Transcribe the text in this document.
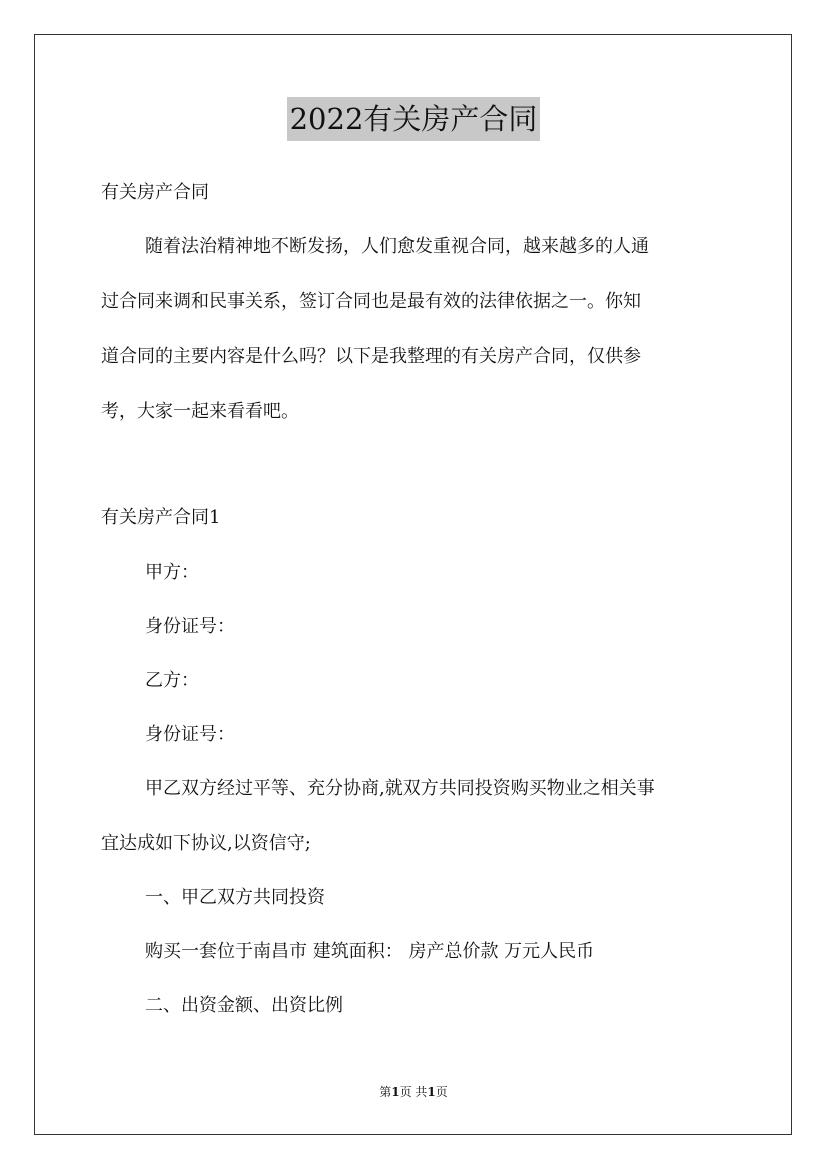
2022有关房产合同
有关房产合同
随着法治精神地不断发扬，人们愈发重视合同，越来越多的人通
过合同来调和民事关系，签订合同也是最有效的法律依据之一。你知
道合同的主要内容是什么吗？以下是我整理的有关房产合同，仅供参
考，大家一起来看看吧。
有关房产合同1
甲方：
身份证号：
乙方：
身份证号：
甲乙双方经过平等、充分协商,就双方共同投资购买物业之相关事
宜达成如下协议,以资信守;
一、甲乙双方共同投资
购买一套位于南昌市 建筑面积： 房产总价款 万元人民币
二、出资金额、出资比例
第1页 共1页
